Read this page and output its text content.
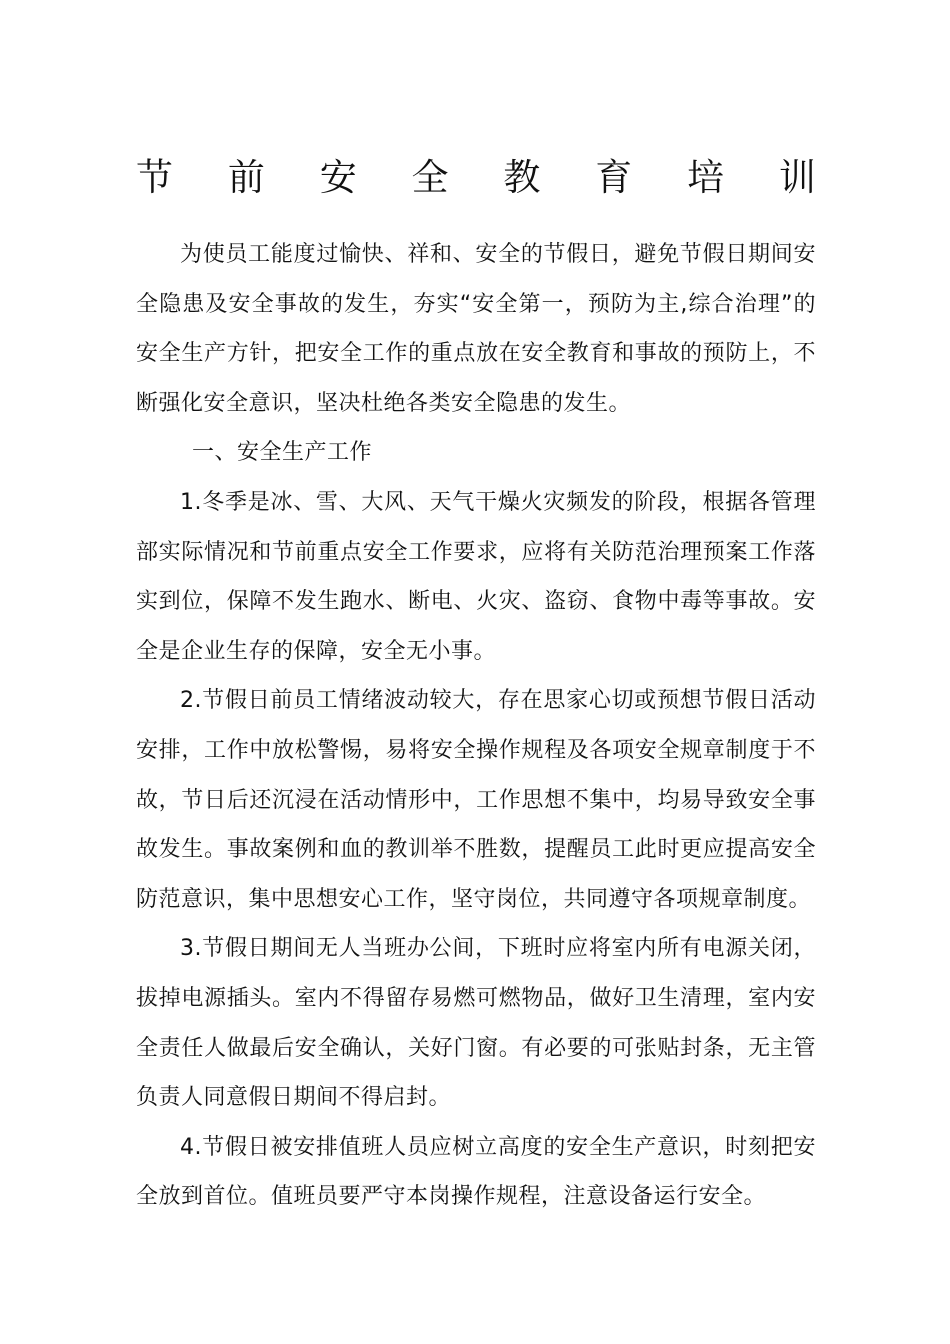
节 前 安 全 教 育 培 训

为使员工能度过愉快、祥和、安全的节假日，避免节假日期间安全隐患及安全事故的发生，夯实“安全第一，预防为主,综合治理”的安全生产方针，把安全工作的重点放在安全教育和事故的预防上，不断强化安全意识，坚决杜绝各类安全隐患的发生。

一、安全生产工作

1.冬季是冰、雪、大风、天气干燥火灾频发的阶段，根据各管理部实际情况和节前重点安全工作要求，应将有关防范治理预案工作落实到位，保障不发生跑水、断电、火灾、盗窃、食物中毒等事故。安全是企业生存的保障，安全无小事。

2.节假日前员工情绪波动较大，存在思家心切或预想节假日活动安排，工作中放松警惕，易将安全操作规程及各项安全规章制度于不故，节日后还沉浸在活动情形中，工作思想不集中，均易导致安全事故发生。事故案例和血的教训举不胜数，提醒员工此时更应提高安全防范意识，集中思想安心工作，坚守岗位，共同遵守各项规章制度。

3.节假日期间无人当班办公间，下班时应将室内所有电源关闭，拔掉电源插头。室内不得留存易燃可燃物品，做好卫生清理，室内安全责任人做最后安全确认，关好门窗。有必要的可张贴封条，无主管负责人同意假日期间不得启封。

4.节假日被安排值班人员应树立高度的安全生产意识，时刻把安全放到首位。值班员要严守本岗操作规程，注意设备运行安全。
